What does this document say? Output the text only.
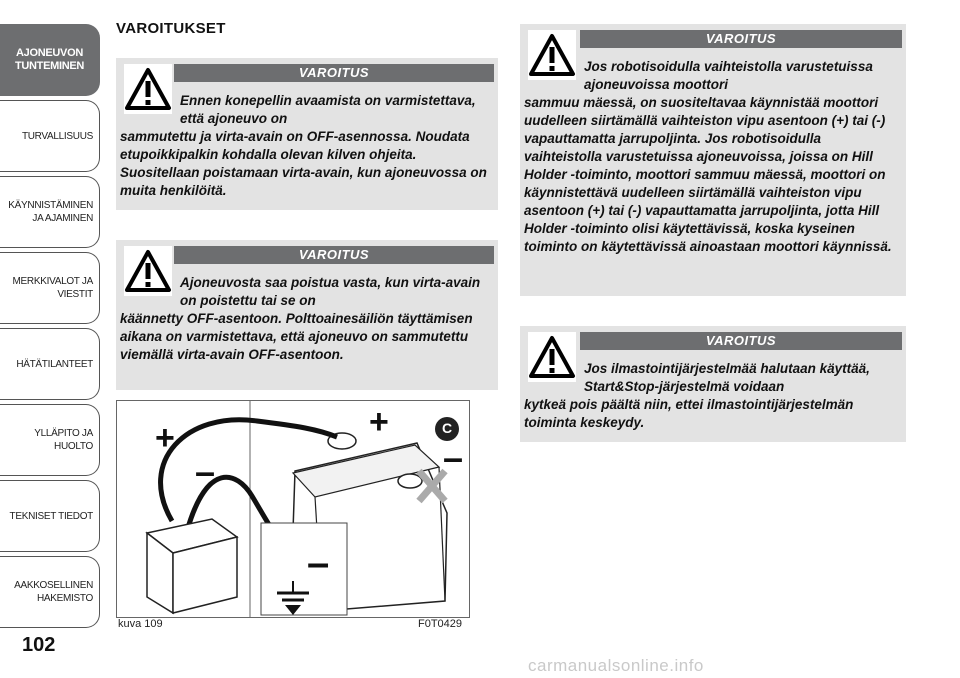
AJONEUVON
TUNTEMINEN
TURVALLISUUS
KÄYNNISTÄMINEN
JA AJAMINEN
MERKKIVALOT JA
VIESTIT
HÄTÄTILANTEET
YLLÄPITO JA HUOLTO
TEKNISET TIEDOT
AAKKOSELLINEN
HAKEMISTO
102
VAROITUKSET
VAROITUS
Ennen konepellin avaamista on varmistettava, että ajoneuvo on
sammutettu ja virta-avain on OFF-asennossa. Noudata etupoikkipalkin kohdalla olevan kilven ohjeita. Suositellaan poistamaan virta-avain, kun ajoneuvossa on muita henkilöitä.
VAROITUS
Ajoneuvosta saa poistua vasta, kun virta-avain on poistettu tai se on
käännetty OFF-asentoon. Polttoainesäiliön täyttämisen aikana on varmistettava, että ajoneuvo on sammutettu viemällä virta-avain OFF-asentoon.
C
+
–
+
–
–
kuva 109	F0T0429
VAROITUS
Jos robotisoidulla vaihteistolla varustetuissa ajoneuvoissa moottori
sammuu mäessä, on suositeltavaa käynnistää moottori uudelleen siirtämällä vaihteiston vipu asentoon (+) tai (-) vapauttamatta jarrupoljinta. Jos robotisoidulla vaihteistolla varustetuissa ajoneuvoissa, joissa on Hill Holder -toiminto, moottori sammuu mäessä, moottori on käynnistettävä uudelleen siirtämällä vaihteiston vipu asentoon (+) tai (-) vapauttamatta jarrupoljinta, jotta Hill Holder -toiminto olisi käytettävissä, koska kyseinen toiminto on käytettävissä ainoastaan moottori käynnissä.
VAROITUS
Jos ilmastointijärjestelmää halutaan käyttää, Start&Stop-järjestelmä voidaan
kytkeä pois päältä niin, ettei ilmastointijärjestelmän toiminta keskeydy.
carmanualsonline.info
